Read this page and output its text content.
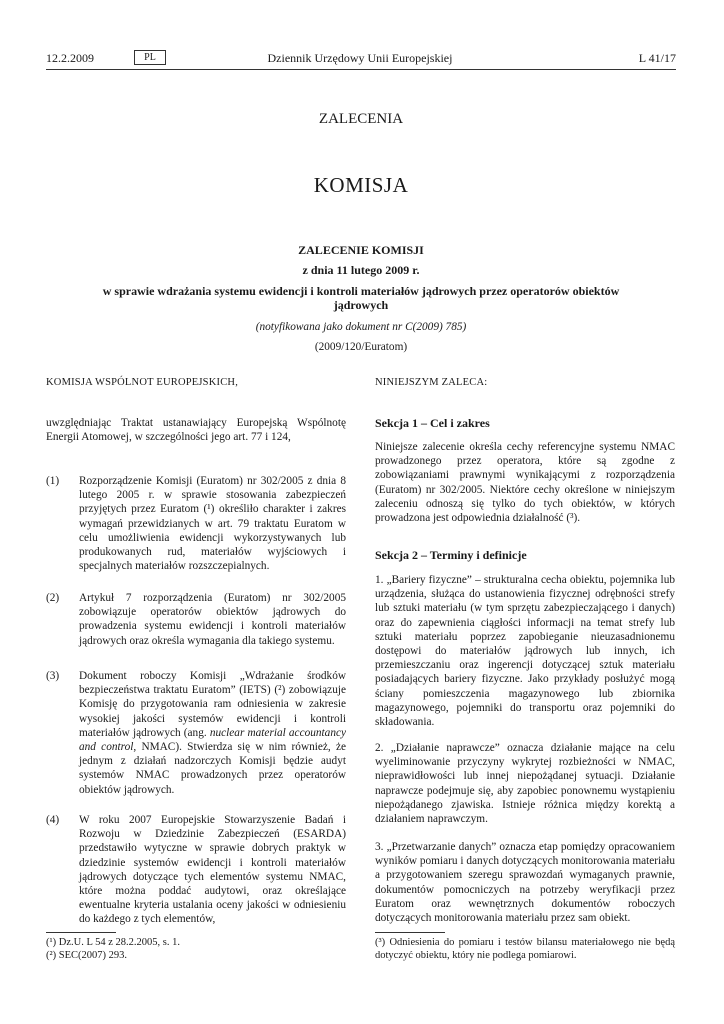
12.2.2009	PL	Dziennik Urzędowy Unii Europejskiej	L 41/17
ZALECENIA
KOMISJA
ZALECENIE KOMISJI
z dnia 11 lutego 2009 r.
w sprawie wdrażania systemu ewidencji i kontroli materiałów jądrowych przez operatorów obiektów jądrowych
(notyfikowana jako dokument nr C(2009) 785)
(2009/120/Euratom)
KOMISJA WSPÓLNOT EUROPEJSKICH,
uwzględniając Traktat ustanawiający Europejską Wspólnotę Energii Atomowej, w szczególności jego art. 77 i 124,
(1)	Rozporządzenie Komisji (Euratom) nr 302/2005 z dnia 8 lutego 2005 r. w sprawie stosowania zabezpieczeń przyjętych przez Euratom (¹) określiło charakter i zakres wymagań przewidzianych w art. 79 traktatu Euratom w celu umożliwienia ewidencji wykorzystywanych lub produkowanych rud, materiałów wyjściowych i specjalnych materiałów rozszczepialnych.
(2)	Artykuł 7 rozporządzenia (Euratom) nr 302/2005 zobowiązuje operatorów obiektów jądrowych do prowadzenia systemu ewidencji i kontroli materiałów jądrowych oraz określa wymagania dla takiego systemu.
(3)	Dokument roboczy Komisji „Wdrażanie środków bezpieczeństwa traktatu Euratom” (IETS) (²) zobowiązuje Komisję do przygotowania ram odniesienia w zakresie wysokiej jakości systemów ewidencji i kontroli materiałów jądrowych (ang. nuclear material accountancy and control, NMAC). Stwierdza się w nim również, że jednym z działań nadzorczych Komisji będzie audyt systemów NMAC prowadzonych przez operatorów obiektów jądrowych.
(4)	W roku 2007 Europejskie Stowarzyszenie Badań i Rozwoju w Dziedzinie Zabezpieczeń (ESARDA) przedstawiło wytyczne w sprawie dobrych praktyk w dziedzinie systemów ewidencji i kontroli materiałów jądrowych dotyczące tych elementów systemu NMAC, które można poddać audytowi, oraz określające ewentualne kryteria ustalania oceny jakości w odniesieniu do każdego z tych elementów,
(¹) Dz.U. L 54 z 28.2.2005, s. 1.
(²) SEC(2007) 293.
NINIEJSZYM ZALECA:
Sekcja 1 – Cel i zakres
Niniejsze zalecenie określa cechy referencyjne systemu NMAC prowadzonego przez operatora, które są zgodne z zobowiązaniami prawnymi wynikającymi z rozporządzenia (Euratom) nr 302/2005. Niektóre cechy określone w niniejszym zaleceniu odnoszą się tylko do tych obiektów, w których prowadzona jest odpowiednia działalność (³).
Sekcja 2 – Terminy i definicje
1. „Bariery fizyczne” – strukturalna cecha obiektu, pojemnika lub urządzenia, służąca do ustanowienia fizycznej odrębności strefy lub sztuki materiału (w tym sprzętu zabezpieczającego i danych) oraz do zapewnienia ciągłości informacji na temat strefy lub sztuki materiału poprzez zapobieganie nieuzasadnionemu dostępowi do materiałów jądrowych lub innych, ich przemieszczaniu oraz ingerencji dotyczącej sztuk materiału posiadających bariery fizyczne. Jako przykłady posłużyć mogą ściany pomieszczenia magazynowego lub zbiornika magazynowego, pojemniki do transportu oraz pojemniki do składowania.
2. „Działanie naprawcze” oznacza działanie mające na celu wyeliminowanie przyczyny wykrytej rozbieżności w NMAC, nieprawidłowości lub innej niepożądanej sytuacji. Działanie naprawcze podejmuje się, aby zapobiec ponownemu wystąpieniu niepożądanego zjawiska. Istnieje różnica między korektą a działaniem naprawczym.
3. „Przetwarzanie danych” oznacza etap pomiędzy opracowaniem wyników pomiaru i danych dotyczących monitorowania materiału a przygotowaniem szeregu sprawozdań wymaganych prawnie, dokumentów pomocniczych na potrzeby weryfikacji przez Euratom oraz wewnętrznych dokumentów roboczych dotyczących monitorowania materiału przez sam obiekt.
(³) Odniesienia do pomiaru i testów bilansu materiałowego nie będą dotyczyć obiektu, który nie podlega pomiarowi.
